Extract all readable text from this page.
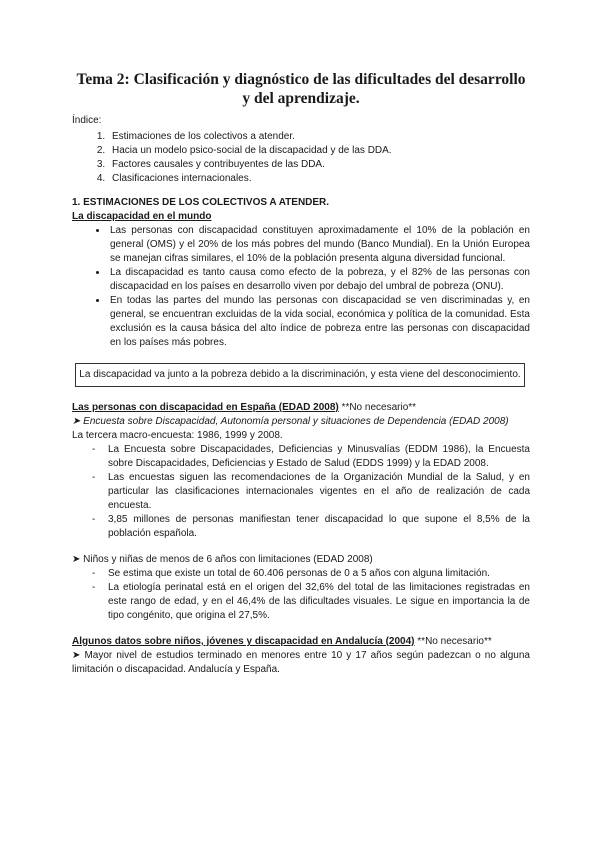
Tema 2: Clasificación y diagnóstico de las dificultades del desarrollo y del aprendizaje.

Índice:

1. Estimaciones de los colectivos a atender.
2. Hacia un modelo psico-social de la discapacidad y de las DDA.
3. Factores causales y contribuyentes de las DDA.
4. Clasificaciones internacionales.

1. ESTIMACIONES DE LOS COLECTIVOS A ATENDER.

La discapacidad en el mundo

• Las personas con discapacidad constituyen aproximadamente el 10% de la población en general (OMS) y el 20% de los más pobres del mundo (Banco Mundial). En la Unión Europea se manejan cifras similares, el 10% de la población presenta alguna diversidad funcional.
• La discapacidad es tanto causa como efecto de la pobreza, y el 82% de las personas con discapacidad en los países en desarrollo viven por debajo del umbral de pobreza (ONU).
• En todas las partes del mundo las personas con discapacidad se ven discriminadas y, en general, se encuentran excluidas de la vida social, económica y política de la comunidad. Esta exclusión es la causa básica del alto índice de pobreza entre las personas con discapacidad en los países más pobres.
La discapacidad va junto a la pobreza debido a la discriminación, y esta viene del desconocimiento.

Las personas con discapacidad en España (EDAD 2008) **No necesario**

➤ Encuesta sobre Discapacidad, Autonomía personal y situaciones de Dependencia (EDAD 2008)

La tercera macro-encuesta: 1986, 1999 y 2008.

- La Encuesta sobre Discapacidades, Deficiencias y Minusvalías (EDDM 1986), la Encuesta sobre Discapacidades, Deficiencias y Estado de Salud (EDDS 1999) y la EDAD 2008.
- Las encuestas siguen las recomendaciones de la Organización Mundial de la Salud, y en particular las clasificaciones internacionales vigentes en el año de realización de cada encuesta.
- 3,85 millones de personas manifiestan tener discapacidad lo que supone el 8,5% de la población española.

➤ Niños y niñas de menos de 6 años con limitaciones (EDAD 2008)

- Se estima que existe un total de 60.406 personas de 0 a 5 años con alguna limitación.
- La etiología perinatal está en el origen del 32,6% del total de las limitaciones registradas en este rango de edad, y en el 46,4% de las dificultades visuales. Le sigue en importancia la de tipo congénito, que origina el 27,5%.

Algunos datos sobre niños, jóvenes y discapacidad en Andalucía (2004) **No necesario**

➤ Mayor nivel de estudios terminado en menores entre 10 y 17 años según padezcan o no alguna limitación o discapacidad. Andalucía y España.
